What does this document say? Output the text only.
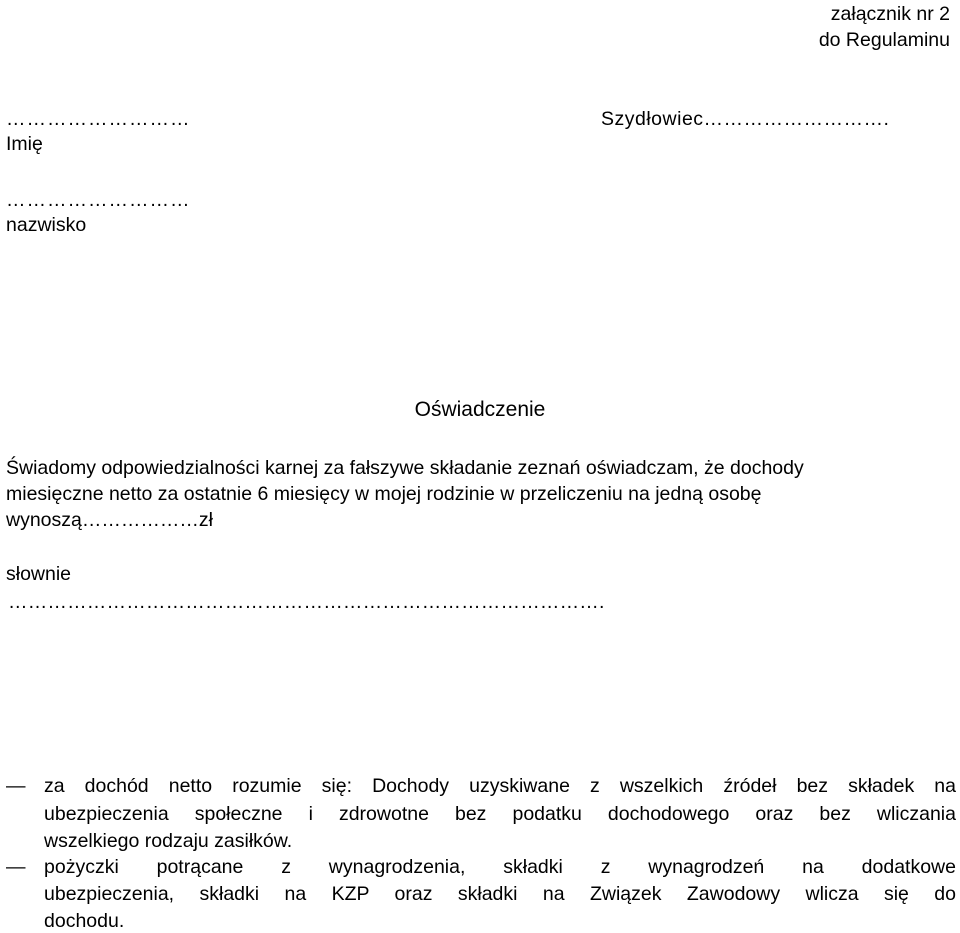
załącznik nr 2
do Regulaminu
………………………
Imię
Szydłowiec……………………….
………………………
nazwisko
Oświadczenie
Świadomy odpowiedzialności karnej za fałszywe składanie zeznań oświadczam, że dochody
miesięczne netto za ostatnie 6 miesięcy w mojej rodzinie w przeliczeniu na jedną osobę
wynoszą………………zł
słownie
……………………………………………………………………………….
— za dochód netto rozumie się: Dochody uzyskiwane z wszelkich źródeł bez składek na
ubezpieczenia społeczne i zdrowotne bez podatku dochodowego oraz bez wliczania
wszelkiego rodzaju zasiłków.
— pożyczki potrącane z wynagrodzenia, składki z wynagrodzeń na dodatkowe
ubezpieczenia, składki na KZP oraz składki na Związek Zawodowy wlicza się do
dochodu.
